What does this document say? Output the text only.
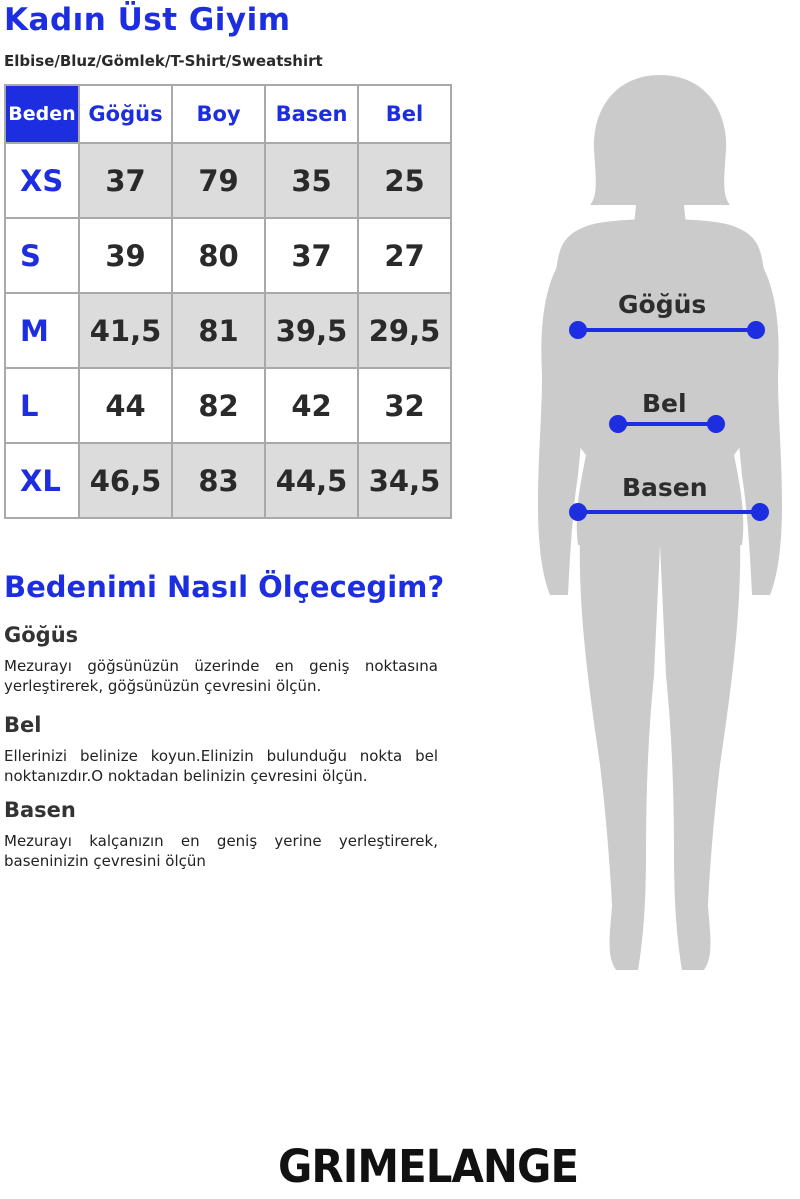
Kadın Üst Giyim
Elbise/Bluz/Gömlek/T-Shirt/Sweatshirt
Beden	Göğüs	Boy	Basen	Bel
XS	37	79	35	25
S	39	80	37	27
M	41,5	81	39,5	29,5
L	44	82	42	32
XL	46,5	83	44,5	34,5
Bedenimi Nasıl Ölçecegim?
Göğüs
Mezurayı göğsünüzün üzerinde en geniş noktasına yerleştirerek, göğsünüzün çevresini ölçün.
Bel
Ellerinizi belinize koyun.Elinizin bulunduğu nokta bel noktanızdır.O noktadan belinizin çevresini ölçün.
Basen
Mezurayı kalçanızın en geniş yerine yerleştirerek, baseninizin çevresini ölçün
Göğüs
Bel
Basen
GRIMELANGE
